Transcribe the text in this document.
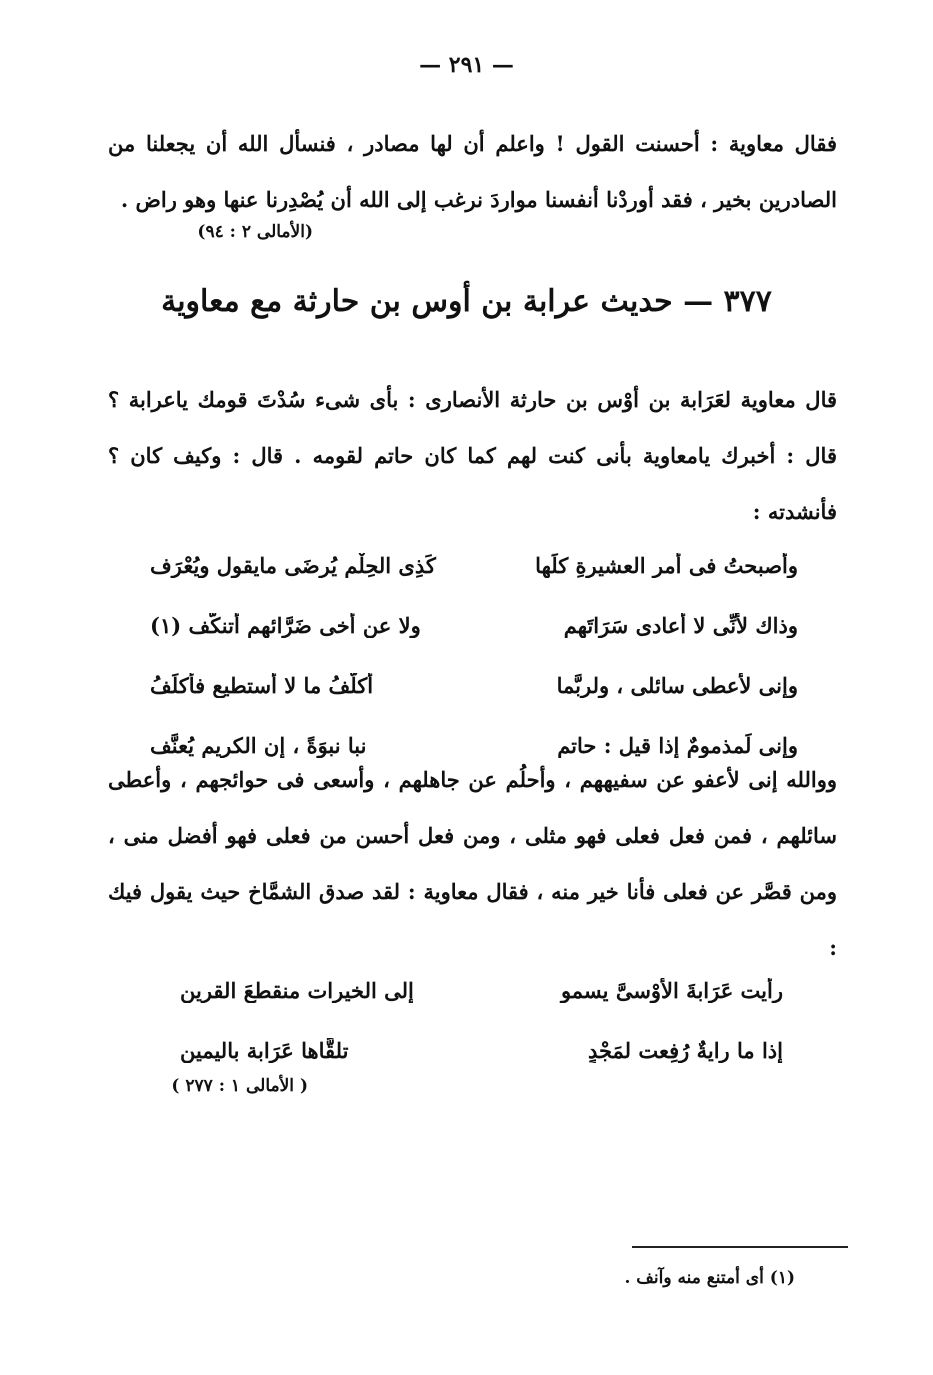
— ٢٩١ —

فقال معاوية : أحسنت القول ! واعلم أن لها مصادر ، فنسأل الله أن يجعلنا من الصادرين بخير ، فقد أوردْنا أنفسنا مواردَ نرغب إلى الله أن يُصْدِرنا عنها وهو راض .

(الأمالى ٢ : ٩٤)
٣٧٧ — حديث عرابة بن أوس بن حارثة مع معاوية

قال معاوية لعَرَابة بن أوْس بن حارثة الأنصارى : بأى شىء سُدْتَ قومك ياعرابة ؟ قال : أخبرك يامعاوية بأنى كنت لهم كما كان حاتم لقومه . قال : وكيف كان ؟ فأنشدته :

وأصبحتُ فى أمرِ العشيرةِ كلِّها
كَذِى الحِلْمِ يُرضَى مايقول ويُعْرَف
وذاك لأنِّى لا أعادى سَرَاتَهم
ولا عن أخى ضَرَّائهم أتنكَّف (١)
وإنى لأُعطى سائلى ، ولربَّما
أُكلَّفُ ما لا أستطيع فأُكلَفُ
وإنى لَمذمومٌ إذا قيل : حاتم
نبا نبوَةً ، إن الكريم يُعنَّف

ووالله إنى لأعفو عن سفيههم ، وأحلُم عن جاهلهم ، وأسعى فى حوائجهم ، وأعطى سائلهم ، فمن فعل فعلى فهو مثلى ، ومن فعل أحسن من فعلى فهو أفضل منى ، ومن قصَّر عن فعلى فأنا خير منه ، فقال معاوية : لقد صدق الشمَّاخ حيث يقول فيك :

رأيت عَرَابةَ الأوْسىَّ يسمو
إلى الخيرات منقطعَ القرين
إذا ما رايةٌ رُفِعت لمَجْدٍ
تلقَّاها عَرَابة باليمين
( الأمالى ١ : ٢٧٧ )
(١) أى أمتنع منه وآنف .
